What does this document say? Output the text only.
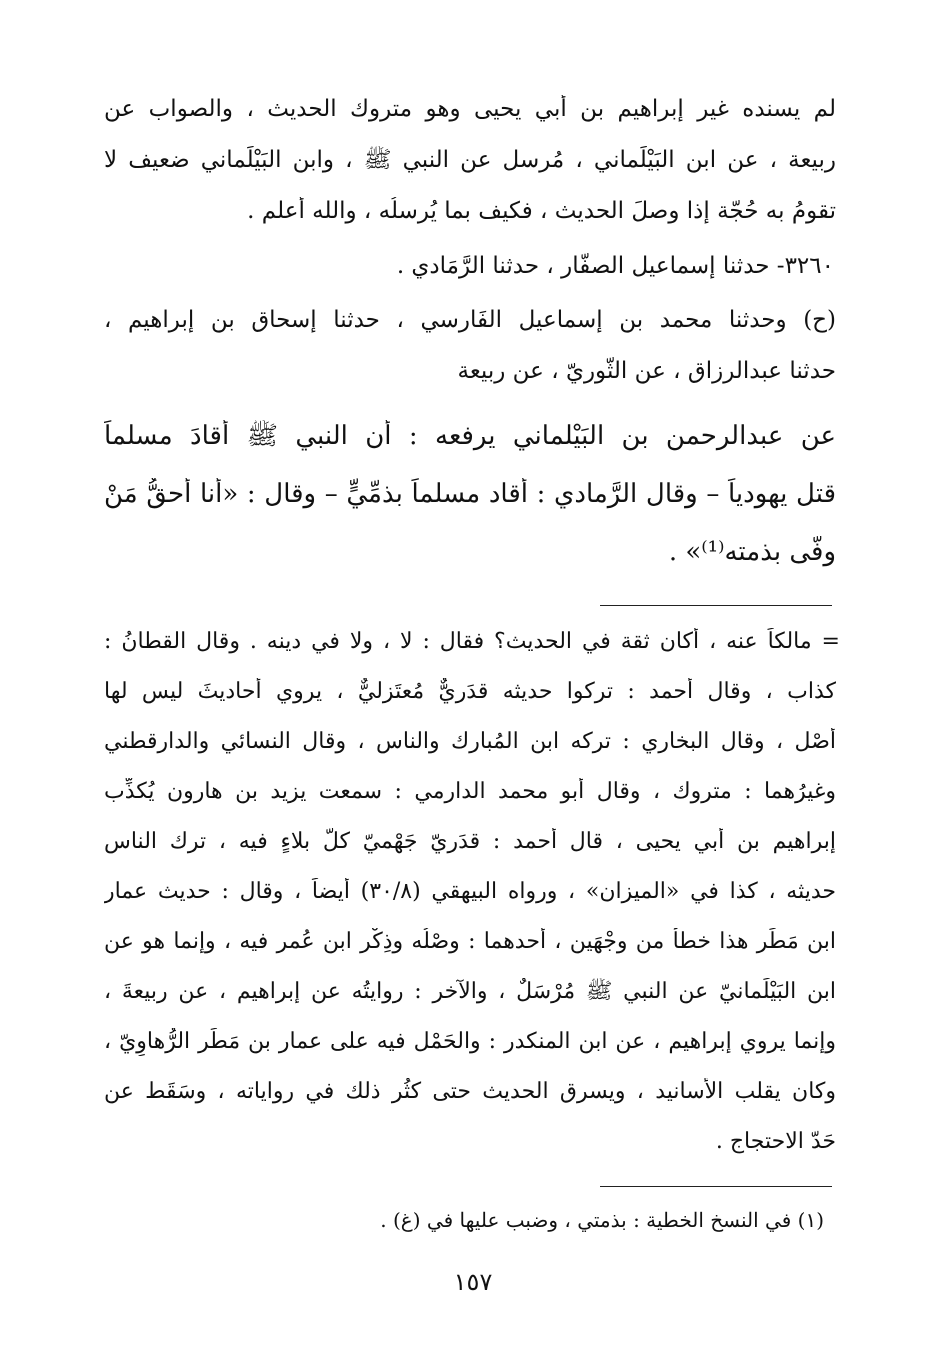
لم يسنده غير إبراهيم بن أبي يحيى وهو متروك الحديث ، والصواب عن
ربيعة ، عن ابن البَيْلَماني ، مُرسل عن النبي ﷺ ، وابن البَيْلَماني ضعيف لا
تقومُ به حُجّة إذا وصلَ الحديث ، فكيف بما يُرسلُه ، والله أعلم .
٣٢٦٠- حدثنا إسماعيل الصفّار ، حدثنا الرَّمَادي .
(ح) وحدثنا محمد بن إسماعيل الفَارسي ، حدثنا إسحاق بن إبراهيم ،
حدثنا عبدالرزاق ، عن الثَّوريّ ، عن ربيعة
عن عبدالرحمن بن البَيْلماني يرفعه : أن النبي ﷺ أقادَ مسلماً
قتل يهودياً – وقال الرَّمادي : أقاد مسلماً بذمِّيٍّ – وقال : «أنا أحقُّ مَنْ
وفَّى بذمته⁽¹⁾» .
= مالكاً عنه ، أكان ثقة في الحديث؟ فقال : لا ، ولا في دينه . وقال القطانُ :
كذاب ، وقال أحمد : تركوا حديثه قدَريٌّ مُعتَزليٌّ ، يروي أحاديثَ ليس لها
أصْل ، وقال البخاري : تركه ابن المُبارك والناس ، وقال النسائي والدارقطني
وغيرُهما : متروك ، وقال أبو محمد الدارمي : سمعت يزيد بن هارون يُكذِّب
إبراهيم بن أبي يحيى ، قال أحمد : قدَريّ جَهْميّ كلُّ بلاءٍ فيه ، ترك الناس
حديثه ، كذا في «الميزان» ، ورواه البيهقي (٣٠/٨) أيضاً ، وقال : حديث عمار
ابن مَطَر هذا خطأ من وجْهَين ، أحدهما : وصْلُه وذِكْر ابن عُمر فيه ، وإنما هو عن
ابن البَيْلَمانيّ عن النبي ﷺ مُرْسَلٌ ، والآخر : روايتُه عن إبراهيم ، عن ربيعةَ ،
وإنما يروي إبراهيم ، عن ابن المنكدر : والحَمْل فيه على عمار بن مَطَر الرُّهاوِيّ ،
وكان يقلب الأسانيد ، ويسرق الحديث حتى كثُر ذلك في رواياته ، وسَقَط عن
حَدّ الاحتجاج .
(١) في النسخ الخطية : بذمتي ، وضبب عليها في (غ) .
١٥٧
